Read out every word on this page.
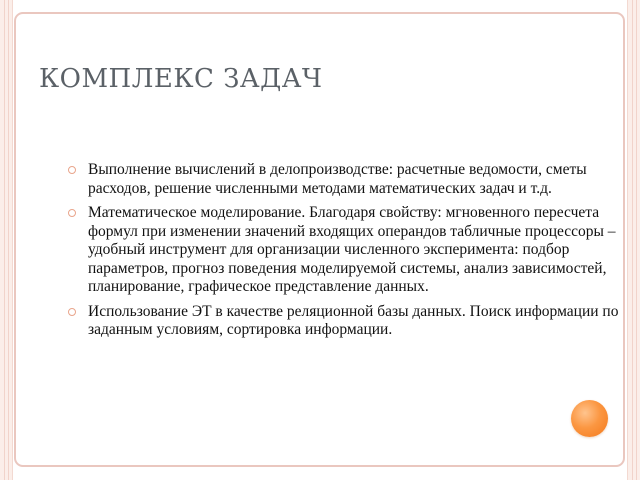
КОМПЛЕКС ЗАДАЧ
Выполнение вычислений в делопроизводстве: расчетные ведомости, сметы расходов, решение численными методами математических задач и т.д.
Математическое моделирование. Благодаря свойству: мгновенного пересчета формул при изменении значений входящих операндов табличные процессоры – удобный инструмент для организации численного эксперимента: подбор параметров, прогноз поведения моделируемой системы, анализ зависимостей, планирование, графическое представление данных.
Использование ЭТ в качестве реляционной базы данных. Поиск информации по заданным условиям, сортировка информации.
